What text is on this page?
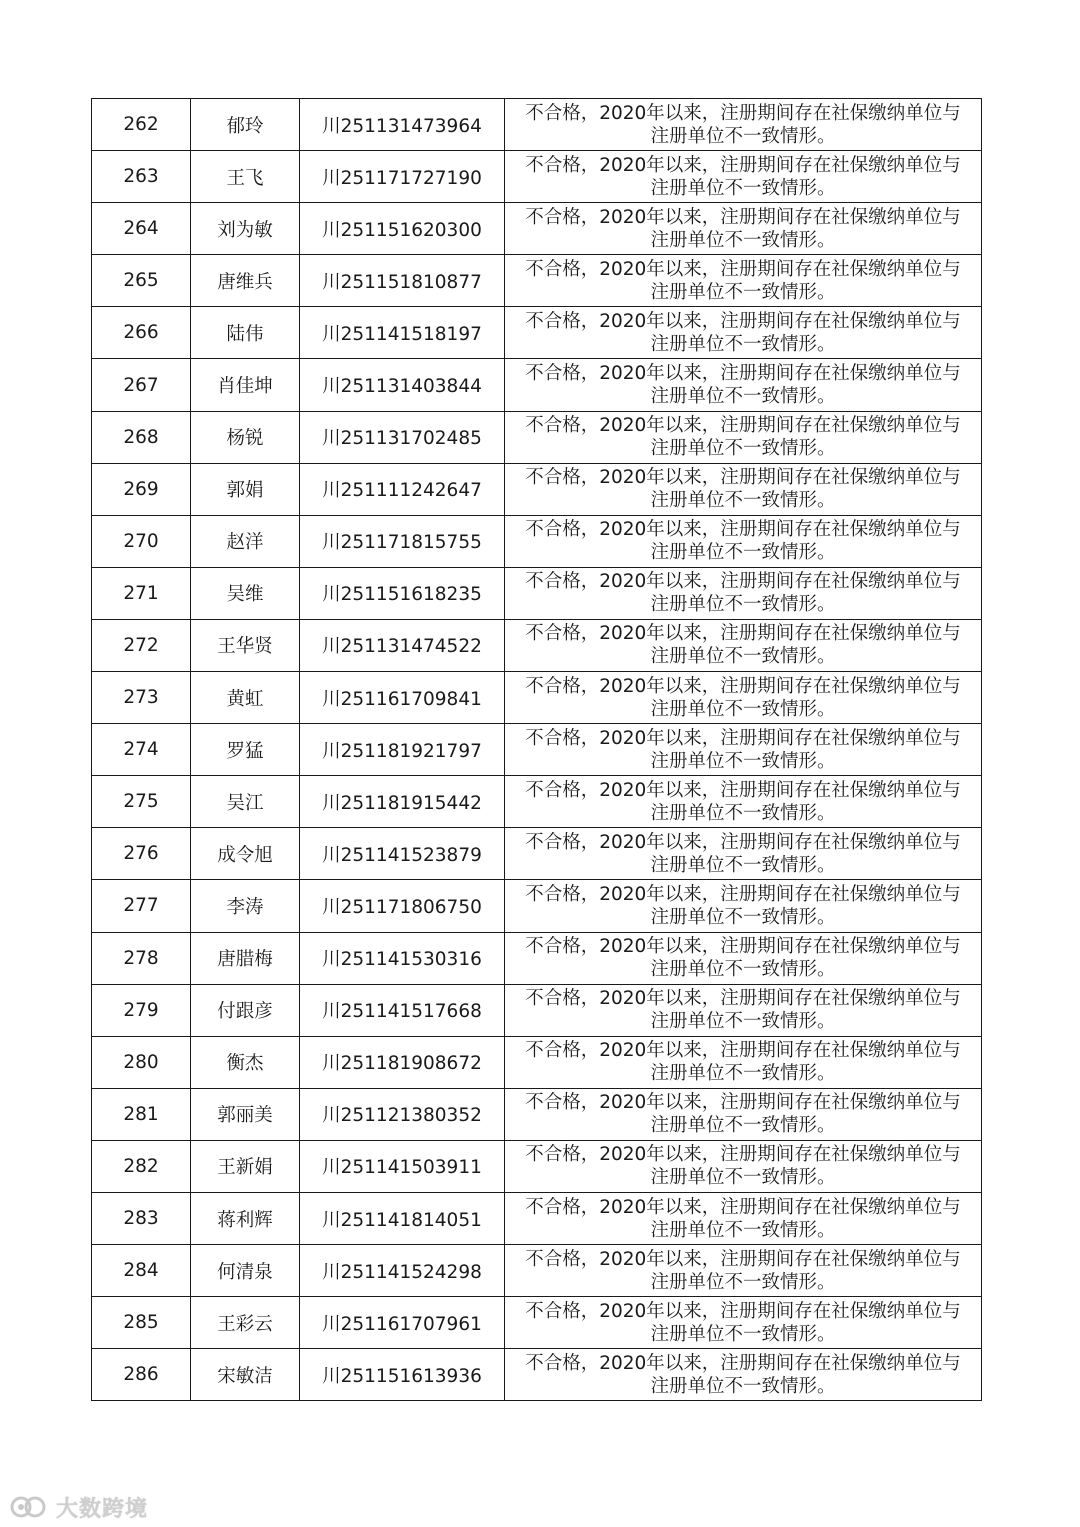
262	郁玲	川251131473964	不合格，2020年以来，注册期间存在社保缴纳单位与
注册单位不一致情形。

263	王飞	川251171727190	不合格，2020年以来，注册期间存在社保缴纳单位与
注册单位不一致情形。

264	刘为敏	川251151620300	不合格，2020年以来，注册期间存在社保缴纳单位与
注册单位不一致情形。

265	唐维兵	川251151810877	不合格，2020年以来，注册期间存在社保缴纳单位与
注册单位不一致情形。

266	陆伟	川251141518197	不合格，2020年以来，注册期间存在社保缴纳单位与
注册单位不一致情形。

267	肖佳坤	川251131403844	不合格，2020年以来，注册期间存在社保缴纳单位与
注册单位不一致情形。

268	杨锐	川251131702485	不合格，2020年以来，注册期间存在社保缴纳单位与
注册单位不一致情形。

269	郭娟	川251111242647	不合格，2020年以来，注册期间存在社保缴纳单位与
注册单位不一致情形。

270	赵洋	川251171815755	不合格，2020年以来，注册期间存在社保缴纳单位与
注册单位不一致情形。

271	吴维	川251151618235	不合格，2020年以来，注册期间存在社保缴纳单位与
注册单位不一致情形。

272	王华贤	川251131474522	不合格，2020年以来，注册期间存在社保缴纳单位与
注册单位不一致情形。

273	黄虹	川251161709841	不合格，2020年以来，注册期间存在社保缴纳单位与
注册单位不一致情形。

274	罗猛	川251181921797	不合格，2020年以来，注册期间存在社保缴纳单位与
注册单位不一致情形。

275	吴江	川251181915442	不合格，2020年以来，注册期间存在社保缴纳单位与
注册单位不一致情形。

276	成令旭	川251141523879	不合格，2020年以来，注册期间存在社保缴纳单位与
注册单位不一致情形。

277	李涛	川251171806750	不合格，2020年以来，注册期间存在社保缴纳单位与
注册单位不一致情形。

278	唐腊梅	川251141530316	不合格，2020年以来，注册期间存在社保缴纳单位与
注册单位不一致情形。

279	付跟彦	川251141517668	不合格，2020年以来，注册期间存在社保缴纳单位与
注册单位不一致情形。

280	衡杰	川251181908672	不合格，2020年以来，注册期间存在社保缴纳单位与
注册单位不一致情形。

281	郭丽美	川251121380352	不合格，2020年以来，注册期间存在社保缴纳单位与
注册单位不一致情形。

282	王新娟	川251141503911	不合格，2020年以来，注册期间存在社保缴纳单位与
注册单位不一致情形。

283	蒋利辉	川251141814051	不合格，2020年以来，注册期间存在社保缴纳单位与
注册单位不一致情形。

284	何清泉	川251141524298	不合格，2020年以来，注册期间存在社保缴纳单位与
注册单位不一致情形。

285	王彩云	川251161707961	不合格，2020年以来，注册期间存在社保缴纳单位与
注册单位不一致情形。

286	宋敏洁	川251151613936	不合格，2020年以来，注册期间存在社保缴纳单位与
注册单位不一致情形。
大数跨境
